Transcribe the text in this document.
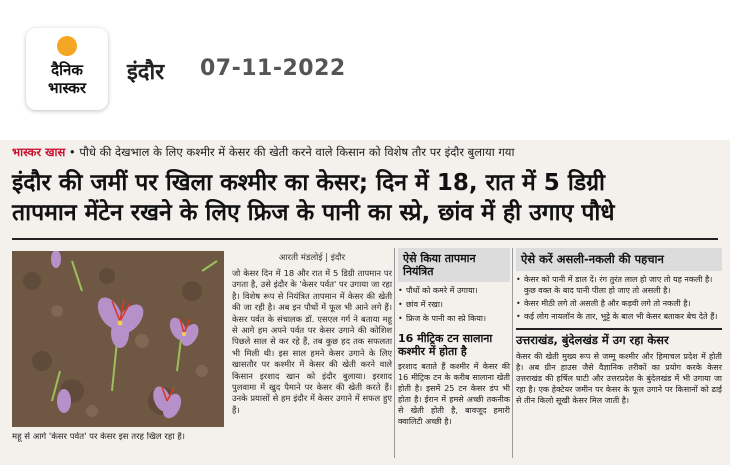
दैनिक
भास्कर
इंदौर 07-11-2022
भास्कर खास • पौधे की देखभाल के लिए कश्मीर में केसर की खेती करने वाले किसान को विशेष तौर पर इंदौर बुलाया गया
इंदौर की जमीं पर खिला कश्मीर का केसर; दिन में 18, रात में 5 डिग्री
तापमान मेंटेन रखने के लिए फ्रिज के पानी का स्प्रे, छांव में ही उगाए पौधे
महू से आगे 'केसर पर्वत' पर केसर इस तरह खिल रहा है।
आरती मंडलोई | इंदौर
जो केसर दिन में 18 और रात में 5 डिग्री तापमान पर उगता है, उसे इंदौर के 'केसर पर्वत' पर उगाया जा रहा है। विशेष रूप से नियंत्रित तापमान में केसर की खेती की जा रही है। अब इन पौधों में फूल भी आने लगे हैं। केसर पर्वत के संचालक डॉ. एसएल गर्ग ने बताया महू से आगे हम अपने पर्वत पर केसर उगाने की कोशिश पिछले साल से कर रहे हैं, तब कुछ हद तक सफलता भी मिली थी। इस साल हमने केसर उगाने के लिए खासतौर पर कश्मीर में केसर की खेती करने वाले किसान इरशाद खान को इंदौर बुलाया। इरशाद पुलवामा में खुद पैमाने पर केसर की खेती करते हैं। उनके प्रयासों से हम इंदौर में केसर उगाने में सफल हुए हैं।
ऐसे किया तापमान नियंत्रित
• पौधों को कमरे में उगाया।
• छांव में रखा।
• फ्रिज के पानी का स्प्रे किया।
16 मीट्रिक टन सालाना कश्मीर में होता है
इरशाद बताते हैं कश्मीर में केसर की 16 मीट्रिक टन के करीब सालाना खेती होती है। इसमें 25 टन केसर डंप भी होता है। ईरान में हमसे अच्छी तकनीक से खेती होती है, बावजूद हमारी क्वालिटी अच्छी है।
ऐसे करें असली-नकली की पहचान
• केसर को पानी में डाल दें। रंग तुरंत लाल हो जाए तो यह नकली है। कुछ वक्त के बाद पानी पीला हो जाए तो असली है।
• केसर मीठी लगे तो असली है और कड़वी लगे तो नकली है।
• कई लोग नायलॉन के तार, भुट्टे के बाल भी केसर बताकर बेच देते हैं।
उत्तराखंड, बुंदेलखंड में उग रहा केसर
केसर की खेती मुख्य रूप से जम्मू कश्मीर और हिमाचल प्रदेश में होती है। अब ग्रीन हाउस जैसे वैज्ञानिक तरीकों का प्रयोग करके केसर उत्तराखंड की हर्षिल घाटी और उत्तरप्रदेश के बुंदेलखंड में भी उगाया जा रहा है। एक हेक्टेयर जमीन पर केसर के फूल उगाने पर किसानों को ढाई से तीन किलो सूखी केसर मिल जाती है।
